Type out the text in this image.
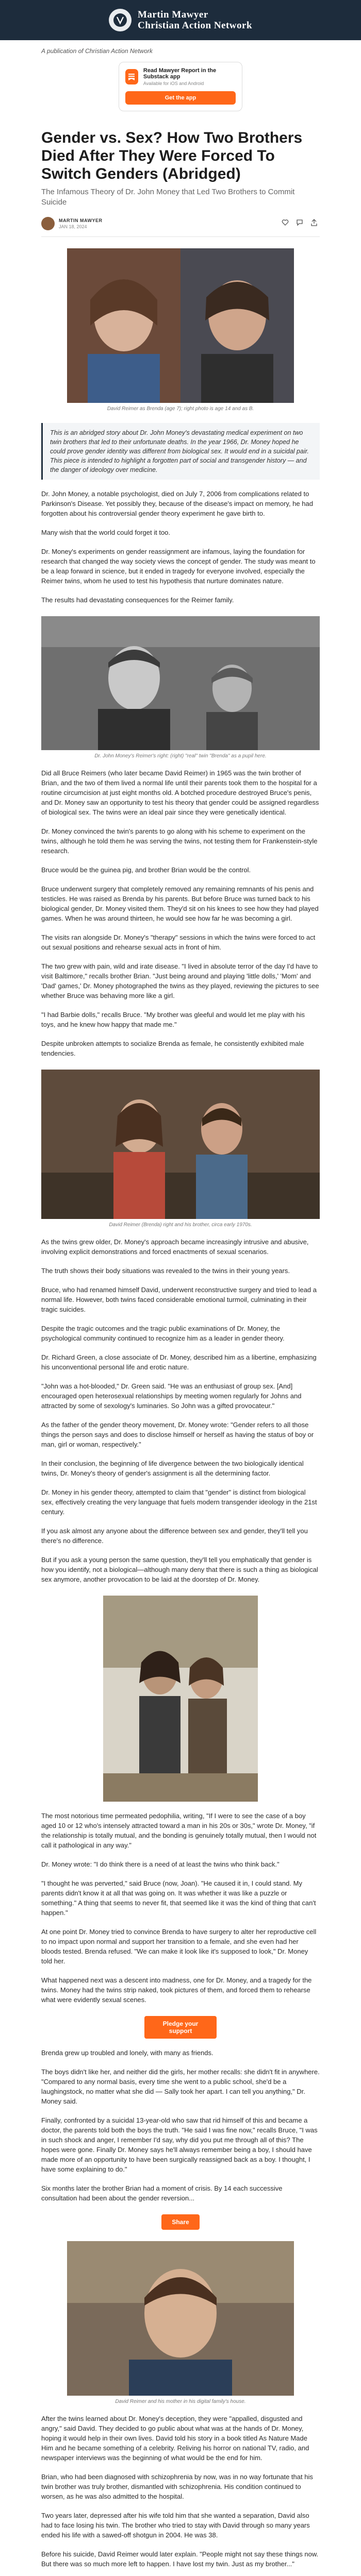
Martin Mawyer
Christian Action Network
A publication of Christian Action Network
Read Mawyer Report in the Substack app
Available for iOS and Android
Get the app
Gender vs. Sex? How Two Brothers Died After They Were Forced To Switch Genders (Abridged)
The Infamous Theory of Dr. John Money that Led Two Brothers to Commit Suicide
MARTIN MAWYER
JAN 18, 2024
David Reimer as Brenda (age 7); right photo is age 14 and as B.
This is an abridged story about Dr. John Money's devastating medical experiment on two twin brothers that led to their unfortunate deaths. In the year 1966, Dr. Money hoped he could prove gender identity was different from biological sex. It would end in a suicidal pair. This piece is intended to highlight a forgotten part of social and transgender history — and the danger of ideology over medicine.

Dr. John Money, a notable psychologist, died on July 7, 2006 from complications related to Parkinson's Disease. Yet possibly they, because of the disease's impact on memory, he had forgotten about his controversial gender theory experiment he gave birth to.

Many wish that the world could forget it too.

Dr. Money's experiments on gender reassignment are infamous, laying the foundation for research that changed the way society views the concept of gender. The study was meant to be a leap forward in science, but it ended in tragedy for everyone involved, especially the Reimer twins, whom he used to test his hypothesis that nurture dominates nature.

The results had devastating consequences for the Reimer family.

Dr. John Money's Reimer's right: (right) "real" twin "Brenda" as a pupil here.

Did all Bruce Reimers (who later became David Reimer) in 1965 was the twin brother of Brian, and the two of them lived a normal life until their parents took them to the hospital for a routine circumcision at just eight months old. A botched procedure destroyed Bruce's penis, and Dr. Money saw an opportunity to test his theory that gender could be assigned regardless of biological sex. The twins were an ideal pair since they were genetically identical.

Dr. Money convinced the twin's parents to go along with his scheme to experiment on the twins, although he told them he was serving the twins, not testing them for Frankenstein-style research.

Bruce would be the guinea pig, and brother Brian would be the control.

Bruce underwent surgery that completely removed any remaining remnants of his penis and testicles. He was raised as Brenda by his parents. But before Bruce was turned back to his biological gender, Dr. Money visited them. They'd sit on his knees to see how they had played games. When he was around thirteen, he would see how far he was becoming a girl.

The visits ran alongside Dr. Money's "therapy" sessions in which the twins were forced to act out sexual positions and rehearse sexual acts in front of him.

The two grew with pain, wild and irate disease. "I lived in absolute terror of the day I'd have to visit Baltimore," recalls brother Brian. "Just being around and playing 'little dolls,' 'Mom' and 'Dad' games,' Dr. Money photographed the twins as they played, reviewing the pictures to see whether Bruce was behaving more like a girl.

"I had Barbie dolls," recalls Bruce. "My brother was gleeful and would let me play with his toys, and he knew how happy that made me."

Despite unbroken attempts to socialize Brenda as female, he consistently exhibited male tendencies.

David Reimer (Brenda) right and his brother, circa early 1970s.

As the twins grew older, Dr. Money's approach became increasingly intrusive and abusive, involving explicit demonstrations and forced enactments of sexual scenarios.

The truth shows their body situations was revealed to the twins in their young years.

Bruce, who had renamed himself David, underwent reconstructive surgery and tried to lead a normal life. However, both twins faced considerable emotional turmoil, culminating in their tragic suicides.

Despite the tragic outcomes and the tragic public examinations of Dr. Money, the psychological community continued to recognize him as a leader in gender theory.

Dr. Richard Green, a close associate of Dr. Money, described him as a libertine, emphasizing his unconventional personal life and erotic nature.

"John was a hot-blooded," Dr. Green said. "He was an enthusiast of group sex. [And] encouraged open heterosexual relationships by meeting women regularly for Johns and attracted by some of sexology's luminaries. So John was a gifted provocateur."

As the father of the gender theory movement, Dr. Money wrote: "Gender refers to all those things the person says and does to disclose himself or herself as having the status of boy or man, girl or woman, respectively."

In their conclusion, the beginning of life divergence between the two biologically identical twins, Dr. Money's theory of gender's assignment is all the determining factor.

Dr. Money in his gender theory, attempted to claim that "gender" is distinct from biological sex, effectively creating the very language that fuels modern transgender ideology in the 21st century.

If you ask almost any anyone about the difference between sex and gender, they'll tell you there's no difference.

But if you ask a young person the same question, they'll tell you emphatically that gender is how you identify, not a biological—although many deny that there is such a thing as biological sex anymore, another provocation to be laid at the doorstep of Dr. Money.

The most notorious time permeated pedophilia, writing, "If I were to see the case of a boy aged 10 or 12 who's intensely attracted toward a man in his 20s or 30s," wrote Dr. Money, "if the relationship is totally mutual, and the bonding is genuinely totally mutual, then I would not call it pathological in any way."

Dr. Money wrote: "I do think there is a need of at least the twins who think back."

"I thought he was perverted," said Bruce (now, Joan). "He caused it in, I could stand. My parents didn't know it at all that was going on. It was whether it was like a puzzle or something." A thing that seems to never fit, that seemed like it was the kind of thing that can't happen."

At one point Dr. Money tried to convince Brenda to have surgery to alter her reproductive cell to no impact upon normal and support her transition to a female, and she even had her bloods tested. Brenda refused. "We can make it look like it's supposed to look," Dr. Money told her.

What happened next was a descent into madness, one for Dr. Money, and a tragedy for the twins. Money had the twins strip naked, took pictures of them, and forced them to rehearse what were evidently sexual scenes.

Pledge your support

Brenda grew up troubled and lonely, with many as friends.

The boys didn't like her, and neither did the girls, her mother recalls: she didn't fit in anywhere. "Compared to any normal basis, every time she went to a public school, she'd be a laughingstock, no matter what she did — Sally took her apart. I can tell you anything," Dr. Money said.

Finally, confronted by a suicidal 13-year-old who saw that rid himself of this and became a doctor, the parents told both the boys the truth. "He said I was fine now," recalls Bruce, "I was in such shock and anger, I remember I'd say, why did you put me through all of this? The hopes were gone. Finally Dr. Money says he'll always remember being a boy, I should have made more of an opportunity to have been surgically reassigned back as a boy. I thought, I have some explaining to do."

Six months later the brother Brian had a moment of crisis. By 14 each successive consultation had been about the gender reversion...

Share
David Reimer and his mother in his digital family's house.

After the twins learned about Dr. Money's deception, they were "appalled, disgusted and angry," said David. They decided to go public about what was at the hands of Dr. Money, hoping it would help in their own lives. David told his story in a book titled As Nature Made Him and he became something of a celebrity. Reliving his horror on national TV, radio, and newspaper interviews was the beginning of what would be the end for him.

Brian, who had been diagnosed with schizophrenia by now, was in no way fortunate that his twin brother was truly brother, dismantled with schizophrenia. His condition continued to worsen, as he was also admitted to the hospital.

Two years later, depressed after his wife told him that she wanted a separation, David also had to face losing his twin. The brother who tried to stay with David through so many years ended his life with a sawed-off shotgun in 2004. He was 38.

Before his suicide, David Reimer would later explain. "People might not say these things now. But there was so much more left to happen. I have lost my twin. Just as my brother..."
